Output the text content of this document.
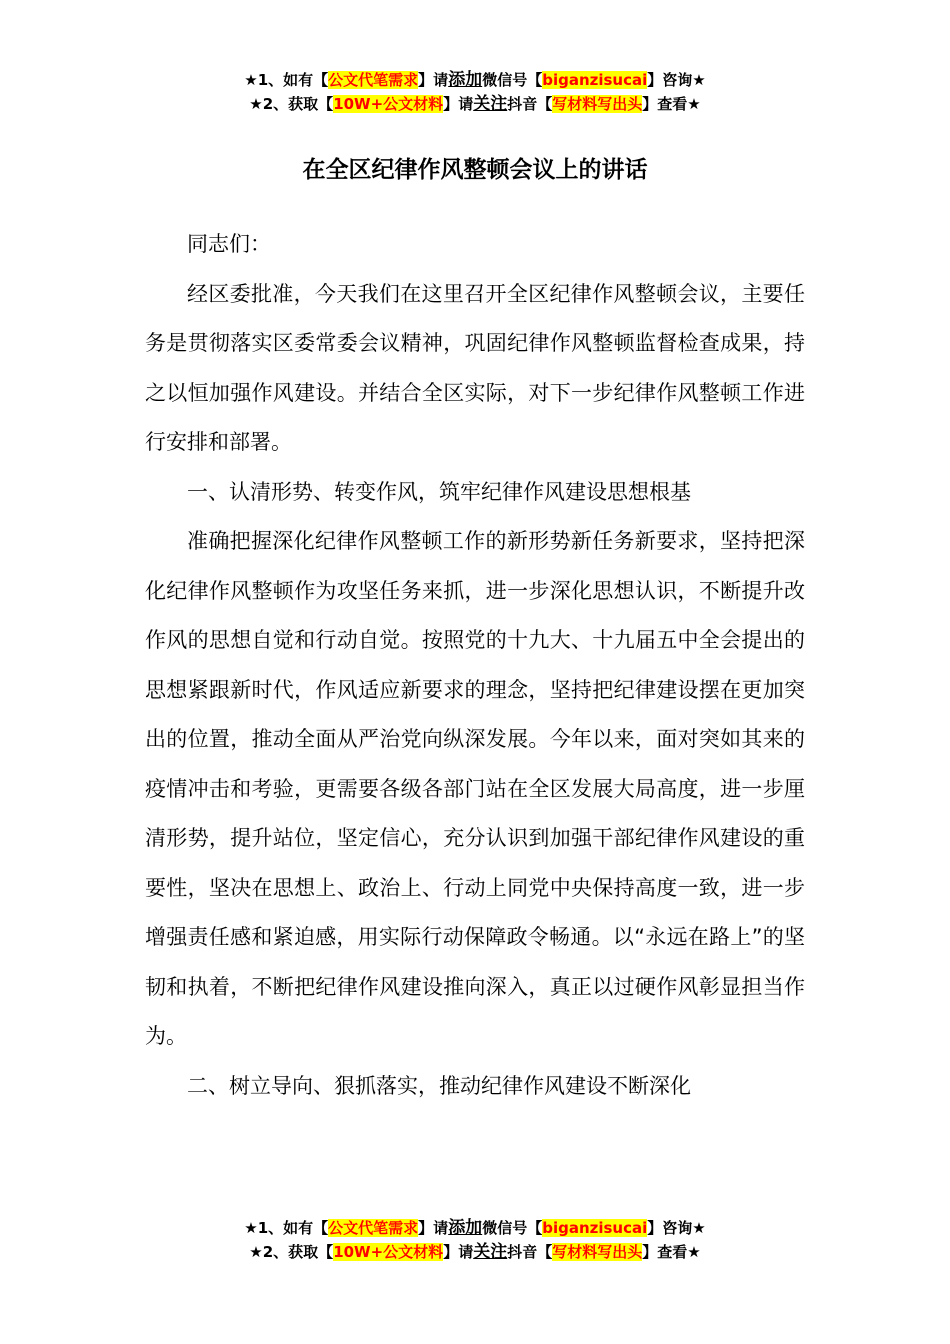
★1、如有【公文代笔需求】请添加微信号【biganzisucai】咨询★
★2、获取【10W+公文材料】请关注抖音【写材料写出头】查看★
在全区纪律作风整顿会议上的讲话

同志们：

经区委批准，今天我们在这里召开全区纪律作风整顿会议，主要任务是贯彻落实区委常委会议精神，巩固纪律作风整顿监督检查成果，持之以恒加强作风建设。并结合全区实际，对下一步纪律作风整顿工作进行安排和部署。

一、认清形势、转变作风，筑牢纪律作风建设思想根基

准确把握深化纪律作风整顿工作的新形势新任务新要求，坚持把深化纪律作风整顿作为攻坚任务来抓，进一步深化思想认识，不断提升改作风的思想自觉和行动自觉。按照党的十九大、十九届五中全会提出的思想紧跟新时代，作风适应新要求的理念，坚持把纪律建设摆在更加突出的位置，推动全面从严治党向纵深发展。今年以来，面对突如其来的疫情冲击和考验，更需要各级各部门站在全区发展大局高度，进一步厘清形势，提升站位，坚定信心，充分认识到加强干部纪律作风建设的重要性，坚决在思想上、政治上、行动上同党中央保持高度一致，进一步增强责任感和紧迫感，用实际行动保障政令畅通。以“永远在路上”的坚韧和执着，不断把纪律作风建设推向深入，真正以过硬作风彰显担当作为。

二、树立导向、狠抓落实，推动纪律作风建设不断深化

★1、如有【公文代笔需求】请添加微信号【biganzisucai】咨询★
★2、获取【10W+公文材料】请关注抖音【写材料写出头】查看★
